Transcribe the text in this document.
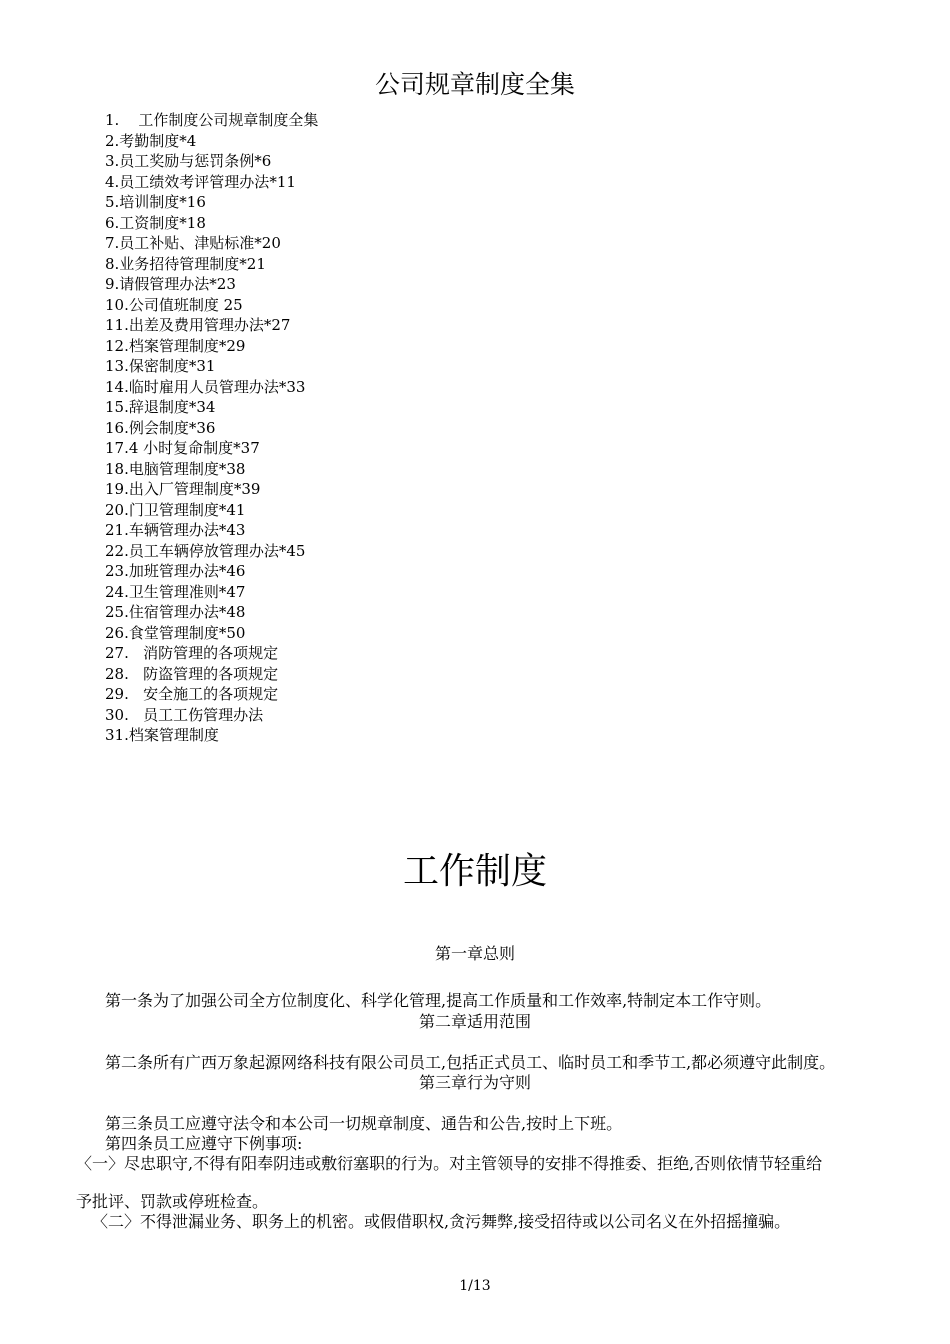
公司规章制度全集
1.    工作制度公司规章制度全集
2.考勤制度*4
3.员工奖励与惩罚条例*6
4.员工绩效考评管理办法*11
5.培训制度*16
6.工资制度*18
7.员工补贴、津贴标准*20
8.业务招待管理制度*21
9.请假管理办法*23
10.公司值班制度 25
11.出差及费用管理办法*27
12.档案管理制度*29
13.保密制度*31
14.临时雇用人员管理办法*33
15.辞退制度*34
16.例会制度*36
17.4 小时复命制度*37
18.电脑管理制度*38
19.出入厂管理制度*39
20.门卫管理制度*41
21.车辆管理办法*43
22.员工车辆停放管理办法*45
23.加班管理办法*46
24.卫生管理准则*47
25.住宿管理办法*48
26.食堂管理制度*50
27.   消防管理的各项规定
28.   防盗管理的各项规定
29.   安全施工的各项规定
30.   员工工伤管理办法
31.档案管理制度
工作制度
第一章总则
第一条为了加强公司全方位制度化、科学化管理,提高工作质量和工作效率,特制定本工作守则。
第二章适用范围
第二条所有广西万象起源网络科技有限公司员工,包括正式员工、临时员工和季节工,都必须遵守此制度。
第三章行为守则
第三条员工应遵守法令和本公司一切规章制度、通告和公告,按时上下班。
第四条员工应遵守下例事项:
〈一〉尽忠职守,不得有阳奉阴违或敷衍塞职的行为。对主管领导的安排不得推委、拒绝,否则依情节轻重给
予批评、罚款或停班检查。
〈二〉不得泄漏业务、职务上的机密。或假借职权,贪污舞弊,接受招待或以公司名义在外招摇撞骗。
1/13
